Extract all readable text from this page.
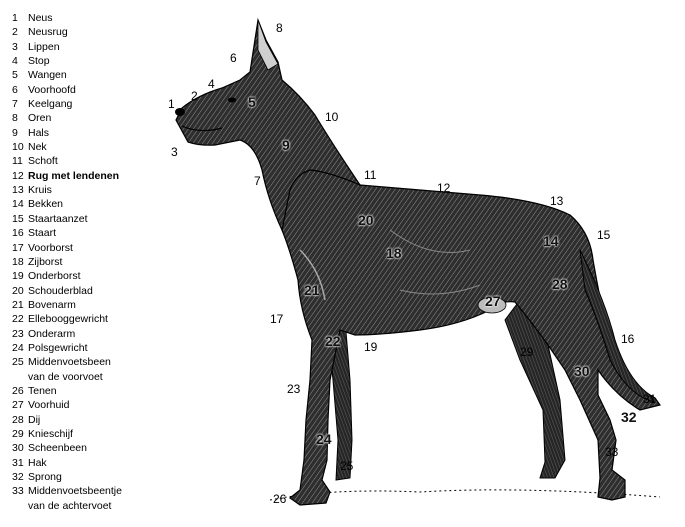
1 Neus
2 Neusrug
3 Lippen
4 Stop
5 Wangen
6 Voorhoofd
7 Keelgang
8 Oren
9 Hals
10 Nek
11 Schoft
12 Rug met lendenen
13 Kruis
14 Bekken
15 Staartaanzet
16 Staart
17 Voorborst
18 Zijborst
19 Onderborst
20 Schouderblad
21 Bovenarm
22 Ellebooggewricht
23 Onderarm
24 Polsgewricht
25 Middenvoetsbeen
van de voorvoet
26 Tenen
27 Voorhuid
28 Dij
29 Knieschijf
30 Scheenbeen
31 Hak
32 Sprong
33 Middenvoetsbeentje
van de achtervoet
1
2
3
4
5
6
7
8
9
10
11
12
13
14	15
16
17
18
19
20
21
22
23
24
25
26
27
28
29
30
31
32
33
